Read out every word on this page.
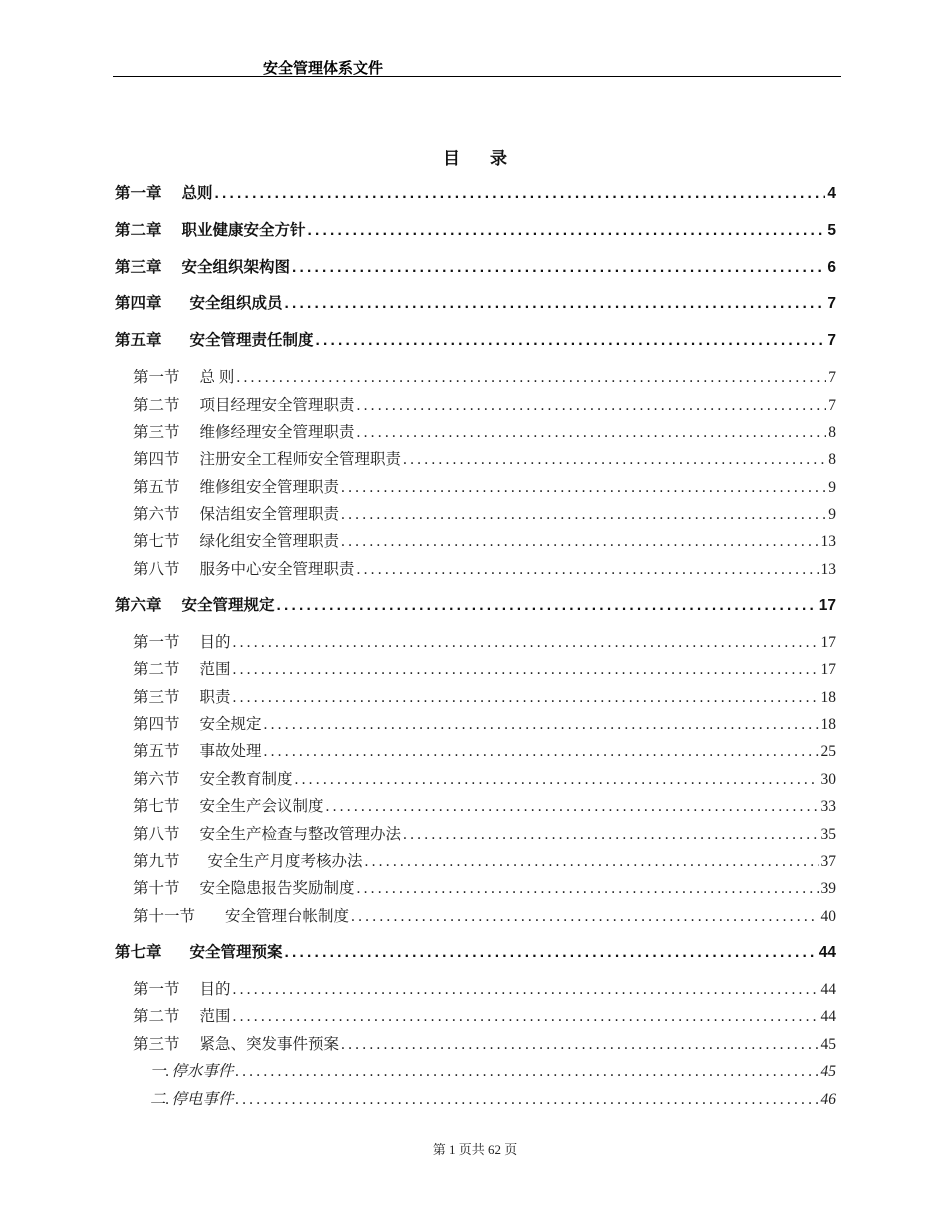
安全管理体系文件
目录
第一章 总则 .....	4
第二章 职业健康安全方针 .....	5
第三章 安全组织架构图 .....	6
第四章 安全组织成员 .....	7
第五章 安全管理责任制度 .....	7
第一节 总 则 .....	7
第二节 项目经理安全管理职责 .....	7
第三节 维修经理安全管理职责 .....	8
第四节 注册安全工程师安全管理职责 .....	8
第五节 维修组安全管理职责 .....	9
第六节 保洁组安全管理职责 .....	9
第七节 绿化组安全管理职责 .....	13
第八节 服务中心安全管理职责 .....	13
第六章 安全管理规定 .....	17
第一节 目的 .....	17
第二节 范围 .....	17
第三节 职责 .....	18
第四节 安全规定 .....	18
第五节 事故处理 .....	25
第六节 安全教育制度 .....	30
第七节 安全生产会议制度 .....	33
第八节 安全生产检查与整改管理办法 .....	35
第九节 安全生产月度考核办法 .....	37
第十节 安全隐患报告奖励制度 .....	39
第十一节 安全管理台帐制度 .....	40
第七章 安全管理预案 .....	44
第一节 目的 .....	44
第二节 范围 .....	44
第三节 紧急、突发事件预案 .....	45
一. 停水事件 .....	45
二. 停电事件 .....	46
第 1 页共 62 页
